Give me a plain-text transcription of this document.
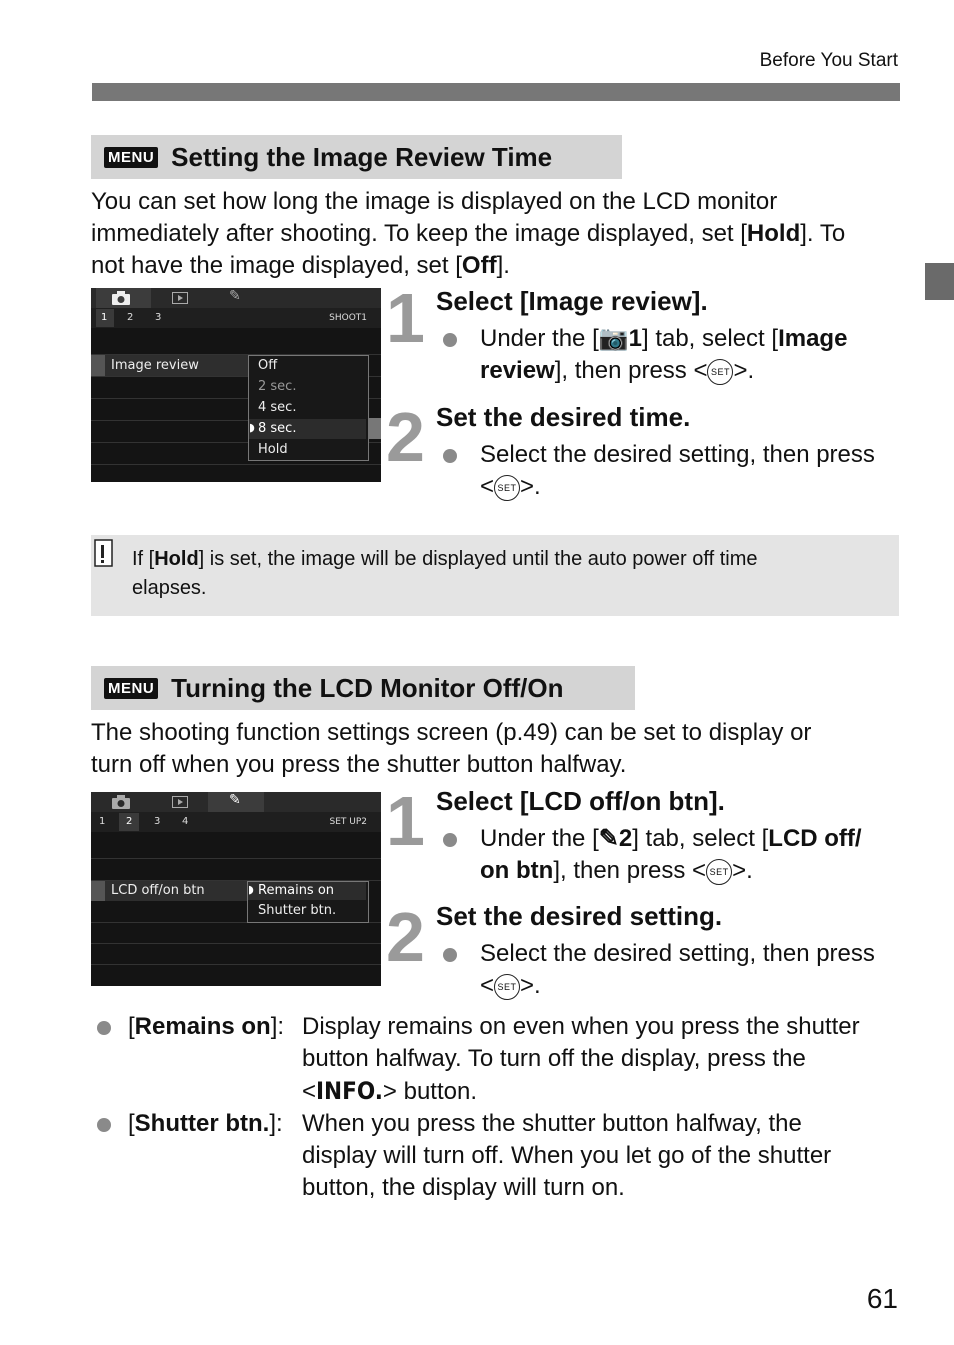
Before You Start
MENU Setting the Image Review Time
You can set how long the image is displayed on the LCD monitor
immediately after shooting. To keep the image displayed, set [Hold]. To
not have the image displayed, set [Off].
✎
1 2 3	SHOOT1
Image review	Off
2 sec.
4 sec.
◗ 8 sec.
Hold
1 Select [Image review].
Under the [📷1] tab, select [Image
review], then press < SET >.
2 Set the desired time.
Select the desired setting, then press
< SET >.
If [Hold] is set, the image will be displayed until the auto power off time
elapses.
MENU Turning the LCD Monitor Off/On
The shooting function settings screen (p.49) can be set to display or
turn off when you press the shutter button halfway.
✎
1 2 3 4	SET UP2
LCD off/on btn	◗ Remains on
Shutter btn.
1 Select [LCD off/on btn].
Under the [✎2] tab, select [LCD off/
on btn], then press < SET >.
2 Set the desired setting.
Select the desired setting, then press
< SET >.
[Remains on]: Display remains on even when you press the shutter
button halfway. To turn off the display, press the
<INFO.> button.
[Shutter btn.]: When you press the shutter button halfway, the
display will turn off. When you let go of the shutter
button, the display will turn on.
61
